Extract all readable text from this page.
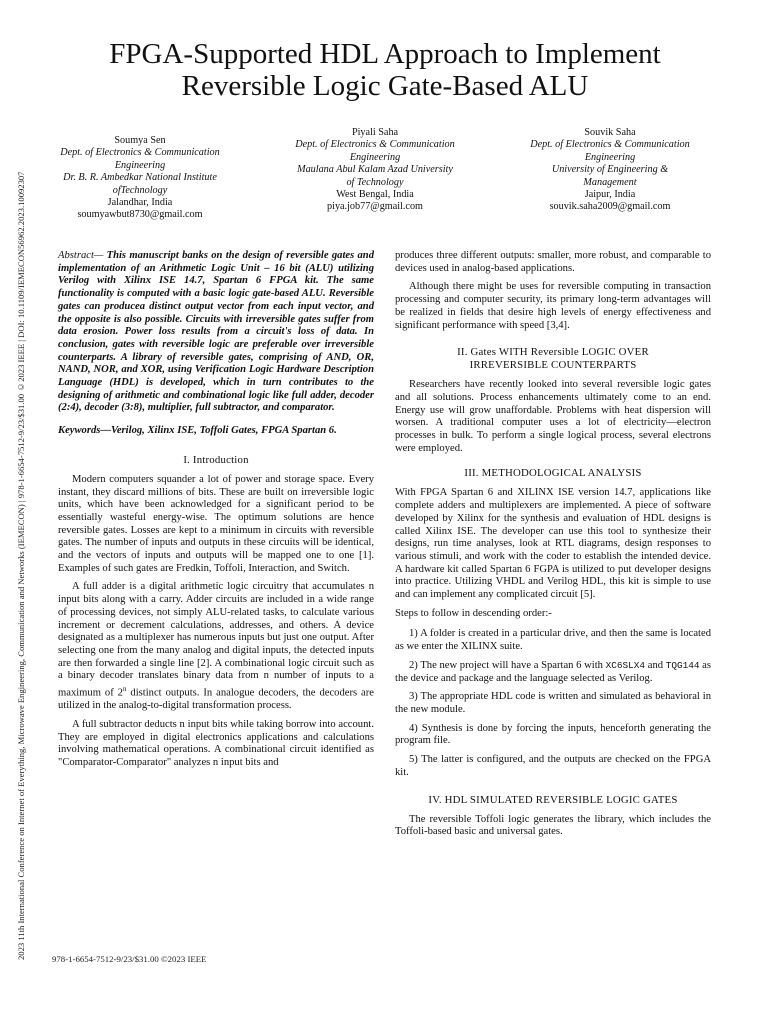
2023 11th International Conference on Internet of Everything, Microwave Engineering, Communication and Networks (IEMECON) | 978-1-6654-7512-9/23/$31.00 ©2023 IEEE | DOI: 10.1109/IEMECON56962.2023.10092307
FPGA-Supported HDL Approach to Implement
Reversible Logic Gate-Based ALU
Soumya Sen
Dept. of Electronics & Communication
Engineering
Dr. B. R. Ambedkar National Institute
ofTechnology
Jalandhar, India
soumyawbut8730@gmail.com
Piyali Saha
Dept. of Electronics & Communication
Engineering
Maulana Abul Kalam Azad University
of Technology
West Bengal, India
piya.job77@gmail.com
Souvik Saha
Dept. of Electronics & Communication
Engineering
University of Engineering &
Management
Jaipur, India
souvik.saha2009@gmail.com

Abstract— This manuscript banks on the design of reversible gates and implementation of an Arithmetic Logic Unit – 16 bit (ALU) utilizing Verilog with Xilinx ISE 14.7, Spartan 6 FPGA kit. The same functionality is computed with a basic logic gate-based ALU. Reversible gates can producea distinct output vector from each input vector, and the opposite is also possible. Circuits with irreversible gates suffer from data erosion. Power loss results from a circuit's loss of data. In conclusion, gates with reversible logic are preferable over irreversible counterparts. A library of reversible gates, comprising of AND, OR, NAND, NOR, and XOR, using Verification Logic Hardware Description Language (HDL) is developed, which in turn contributes to the designing of arithmetic and combinational logic like full adder, decoder (2:4), decoder (3:8), multiplier, full subtractor, and comparator.

Keywords—Verilog, Xilinx ISE, Toffoli Gates, FPGA Spartan 6.

I. Introduction

Modern computers squander a lot of power and storage space. Every instant, they discard millions of bits. These are built on irreversible logic units, which have been acknowledged for a significant period to be essentially wasteful energy-wise. The optimum solutions are hence reversible gates. Losses are kept to a minimum in circuits with reversible gates. The number of inputs and outputs in these circuits will be identical, and the vectors of inputs and outputs will be mapped one to one [1]. Examples of such gates are Fredkin, Toffoli, Interaction, and Switch.

A full adder is a digital arithmetic logic circuitry that accumulates n input bits along with a carry. Adder circuits are included in a wide range of processing devices, not simply ALU-related tasks, to calculate various increment or decrement calculations, addresses, and others. A device designated as a multiplexer has numerous inputs but just one output. After selecting one from the many analog and digital inputs, the detected inputs are then forwarded a single line [2]. A combinational logic circuit such as a binary decoder translates binary data from n number of inputs to a maximum of 2$^n$ distinct outputs. In analogue decoders, the decoders are utilized in the analog-to-digital transformation process.

A full subtractor deducts n input bits while taking borrow into account. They are employed in digital electronics applications and calculations involving mathematical operations. A combinational circuit identified as "Comparator-Comparator" analyzes n input bits and

produces three different outputs: smaller, more robust, and comparable to devices used in analog-based applications.

Although there might be uses for reversible computing in transaction processing and computer security, its primary long-term advantages will be realized in fields that desire high levels of energy effectiveness and significant performance with speed [3,4].

II. Gates WITH Reversible LOGIC OVER
IRREVERSIBLE COUNTERPARTS

Researchers have recently looked into several reversible logic gates and all solutions. Process enhancements ultimately come to an end. Energy use will grow unaffordable. Problems with heat dispersion will worsen. A traditional computer uses a lot of electricity—electron processes in bulk. To perform a single logical process, several electrons were employed.

III. METHODOLOGICAL ANALYSIS

With FPGA Spartan 6 and XILINX ISE version 14.7, applications like complete adders and multiplexers are implemented. A piece of software developed by Xilinx for the synthesis and evaluation of HDL designs is called Xilinx ISE. The developer can use this tool to synthesize their designs, run time analyses, look at RTL diagrams, design responses to various stimuli, and work with the coder to establish the intended device. A hardware kit called Spartan 6 FGPA is utilized to put developer designs into practice. Utilizing VHDL and Verilog HDL, this kit is simple to use and can implement any complicated circuit [5].

Steps to follow in descending order:-

1) A folder is created in a particular drive, and then the same is located as we enter the XILINX suite.

2) The new project will have a Spartan 6 with XC6SLX4 and TQG144 as the device and package and the language selected as Verilog.

3) The appropriate HDL code is written and simulated as behavioral in the new module.

4) Synthesis is done by forcing the inputs, henceforth generating the program file.

5) The latter is configured, and the outputs are checked on the FPGA kit.

IV. HDL SIMULATED REVERSIBLE LOGIC GATES

The reversible Toffoli logic generates the library, which includes the Toffoli-based basic and universal gates.

978-1-6654-7512-9/23/$31.00 ©2023 IEEE
